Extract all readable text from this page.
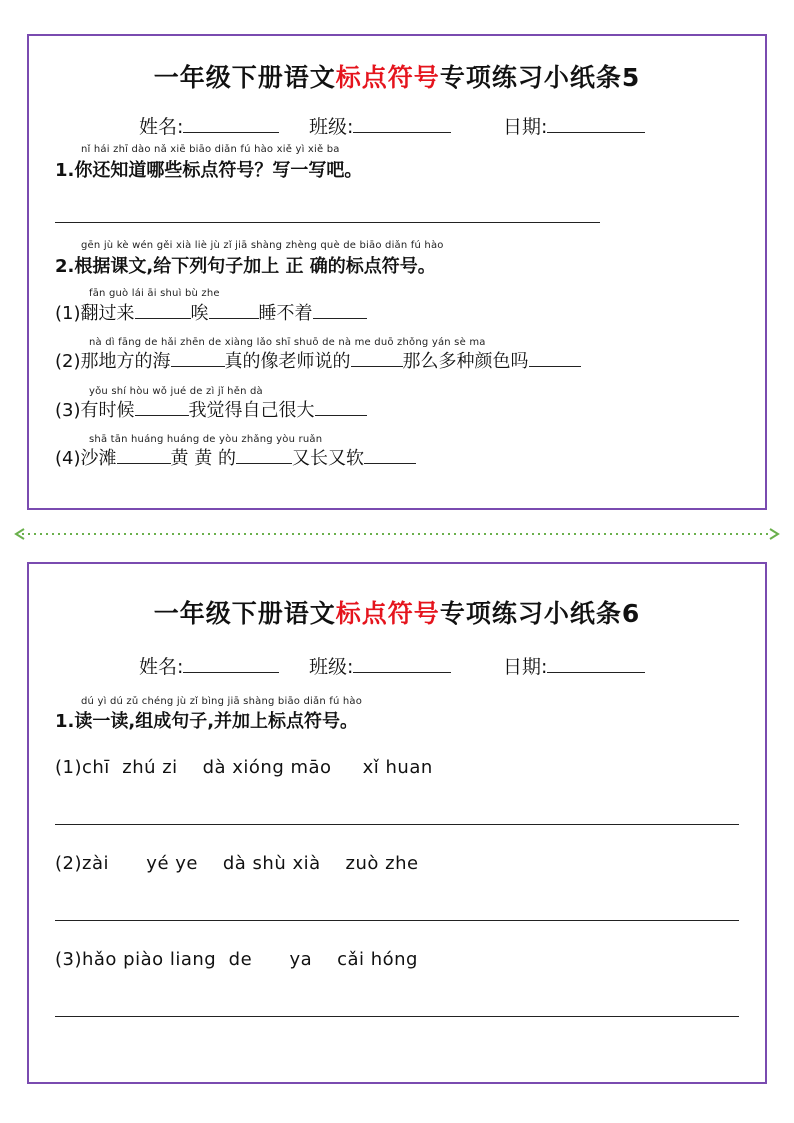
一年级下册语文标点符号专项练习小纸条5
姓名:	班级:	日期:
nǐ hái zhī dào nǎ xiē biāo diǎn fú hào xiě yì xiě ba
1.你还知道哪些标点符号？写一写吧。
gēn jù kè wén gěi xià liè jù zǐ jiā shàng zhèng què de biāo diǎn fú hào
2.根据课文,给下列句子加上 正 确的标点符号。
fān guò lái āi shuì bù zhe
(1)翻过来	唉	睡不着
nà dì fāng de hǎi zhēn de xiàng lǎo shī shuō de nà me duō zhǒng yán sè ma
(2)那地方的海	真的像老师说的	那么多种颜色吗
yǒu shí hòu wǒ jué de zì jǐ hěn dà
(3)有时候	我觉得自己很大
shā tān huáng huáng de yòu zhǎng yòu ruǎn
(4)沙滩	黄 黄 的	又长又软
一年级下册语文标点符号专项练习小纸条6
姓名:	班级:	日期:
dú yì dú zǔ chéng jù zǐ bìng jiā shàng biāo diǎn fú hào
1.读一读,组成句子,并加上标点符号。
(1)chī  zhú zi    dà xióng māo     xǐ huan
(2)zài      yé ye    dà shù xià    zuò zhe
(3)hǎo piào liang  de      ya    cǎi hóng
